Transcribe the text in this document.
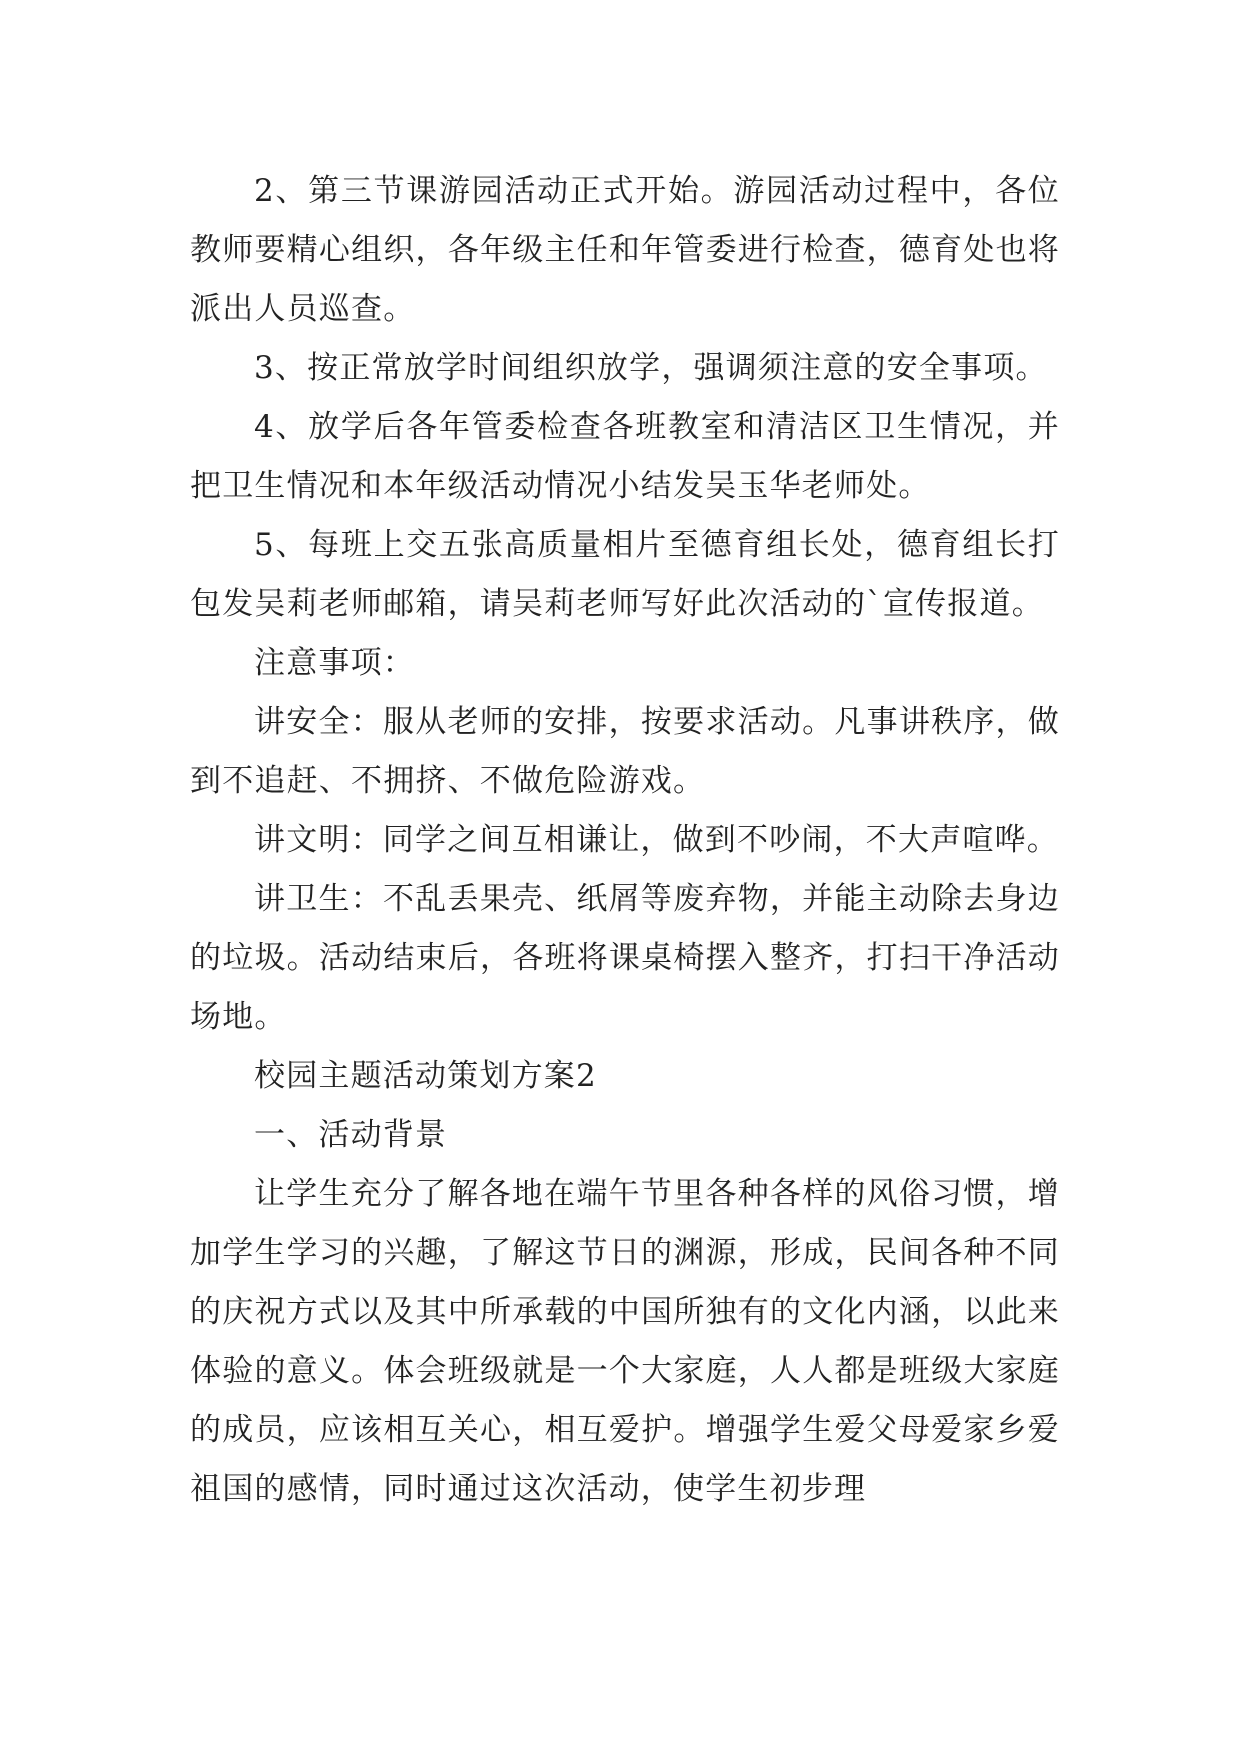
2、第三节课游园活动正式开始。游园活动过程中，各位教师要精心组织，各年级主任和年管委进行检查，德育处也将派出人员巡查。

3、按正常放学时间组织放学，强调须注意的安全事项。

4、放学后各年管委检查各班教室和清洁区卫生情况，并把卫生情况和本年级活动情况小结发吴玉华老师处。

5、每班上交五张高质量相片至德育组长处，德育组长打包发吴莉老师邮箱，请吴莉老师写好此次活动的`宣传报道。

注意事项：

讲安全：服从老师的安排，按要求活动。凡事讲秩序，做到不追赶、不拥挤、不做危险游戏。

讲文明：同学之间互相谦让，做到不吵闹，不大声喧哗。

讲卫生：不乱丢果壳、纸屑等废弃物，并能主动除去身边的垃圾。活动结束后，各班将课桌椅摆入整齐，打扫干净活动场地。

校园主题活动策划方案2

一、活动背景

让学生充分了解各地在端午节里各种各样的风俗习惯，增加学生学习的兴趣，了解这节日的渊源，形成，民间各种不同的庆祝方式以及其中所承载的中国所独有的文化内涵，以此来体验的意义。体会班级就是一个大家庭，人人都是班级大家庭的成员，应该相互关心，相互爱护。增强学生爱父母爱家乡爱祖国的感情，同时通过这次活动，使学生初步理
